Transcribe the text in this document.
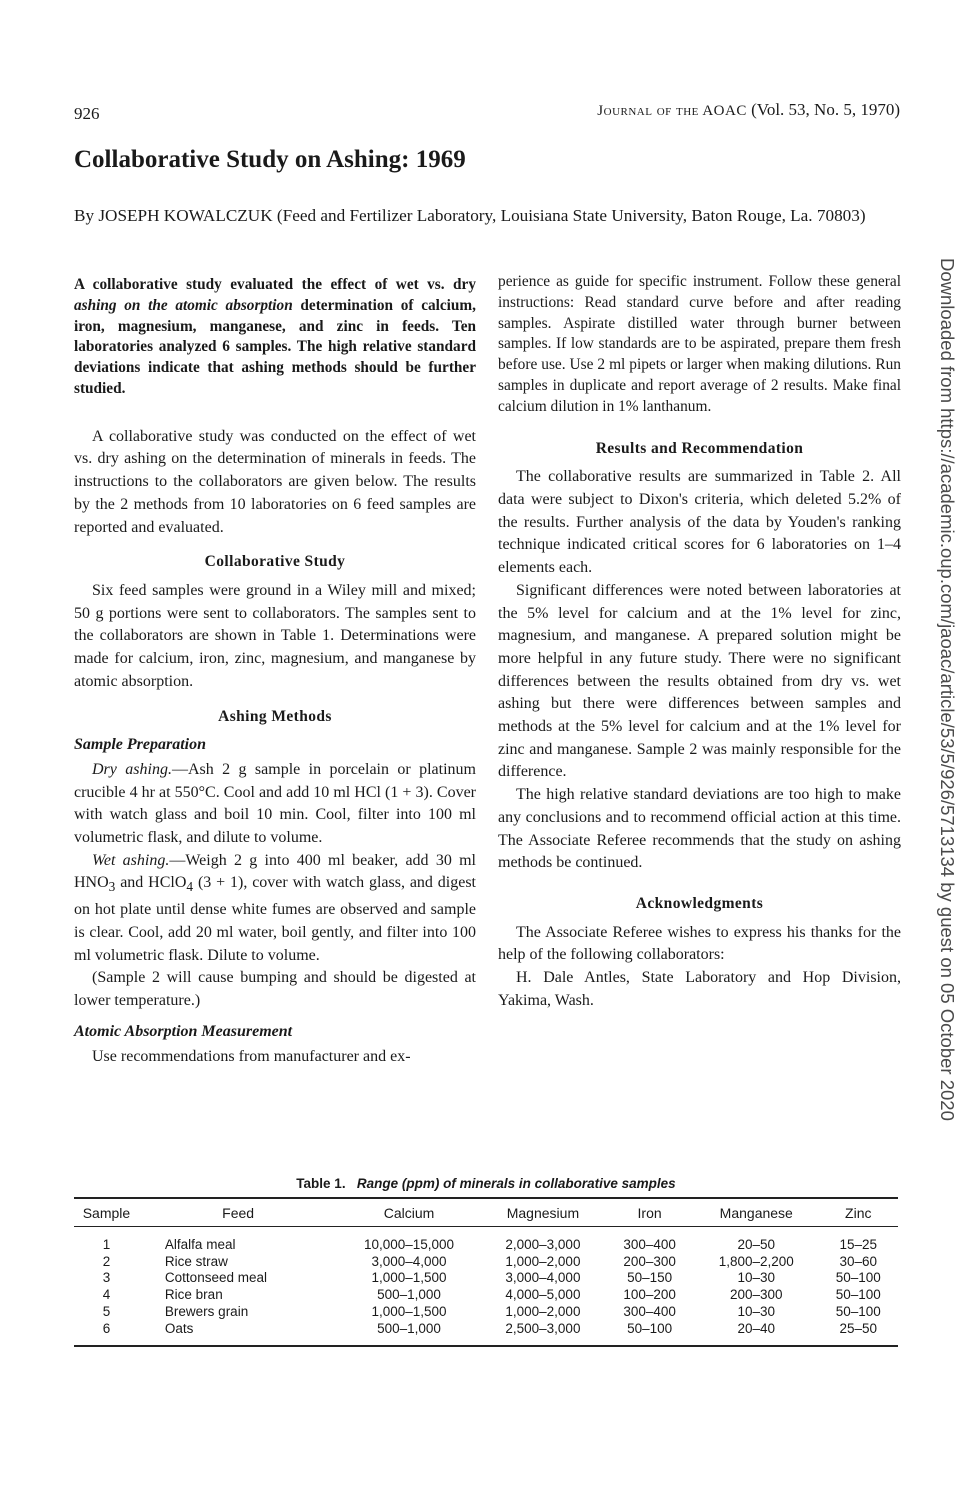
926	Journal of the AOAC (Vol. 53, No. 5, 1970)
Collaborative Study on Ashing: 1969
By JOSEPH KOWALCZUK (Feed and Fertilizer Laboratory, Louisiana State University, Baton Rouge, La. 70803)

A collaborative study evaluated the effect of wet vs. dry ashing on the atomic absorption determination of calcium, iron, magnesium, manganese, and zinc in feeds. Ten laboratories analyzed 6 samples. The high relative standard deviations indicate that ashing methods should be further studied.

A collaborative study was conducted on the effect of wet vs. dry ashing on the determination of minerals in feeds. The instructions to the collaborators are given below. The results by the 2 methods from 10 laboratories on 6 feed samples are reported and evaluated.

Collaborative Study

Six feed samples were ground in a Wiley mill and mixed; 50 g portions were sent to collaborators. The samples sent to the collaborators are shown in Table 1. Determinations were made for calcium, iron, zinc, magnesium, and manganese by atomic absorption.

Ashing Methods
Sample Preparation

Dry ashing.—Ash 2 g sample in porcelain or platinum crucible 4 hr at 550°C. Cool and add 10 ml HCl (1 + 3). Cover with watch glass and boil 10 min. Cool, filter into 100 ml volumetric flask, and dilute to volume.

Wet ashing.—Weigh 2 g into 400 ml beaker, add 30 ml $HNO_3$ and HClO$_4$ (3 + 1), cover with watch glass, and digest on hot plate until dense white fumes are observed and sample is clear. Cool, add 20 ml water, boil gently, and filter into 100 ml volumetric flask. Dilute to volume.

(Sample 2 will cause bumping and should be digested at lower temperature.)

Atomic Absorption Measurement

Use recommendations from manufacturer and ex-

perience as guide for specific instrument. Follow these general instructions: Read standard curve before and after reading samples. Aspirate distilled water through burner between samples. If low standards are to be aspirated, prepare them fresh before use. Use 2 ml pipets or larger when making dilutions. Run samples in duplicate and report average of 2 results. Make final calcium dilution in 1% lanthanum.

Results and Recommendation

The collaborative results are summarized in Table 2. All data were subject to Dixon's criteria, which deleted 5.2% of the results. Further analysis of the data by Youden's ranking technique indicated critical scores for 6 laboratories on 1–4 elements each.

Significant differences were noted between laboratories at the 5% level for calcium and at the 1% level for zinc, magnesium, and manganese. A prepared solution might be more helpful in any future study. There were no significant differences between the results obtained from dry vs. wet ashing but there were differences between samples and methods at the 5% level for calcium and at the 1% level for zinc and manganese. Sample 2 was mainly responsible for the difference.

The high relative standard deviations are too high to make any conclusions and to recommend official action at this time. The Associate Referee recommends that the study on ashing methods be continued.

Acknowledgments

The Associate Referee wishes to express his thanks for the help of the following collaborators:

H. Dale Antles, State Laboratory and Hop Division, Yakima, Wash.	Downloaded from https://academic.oup.com/jaoac/article/53/5/926/5713134 by guest on 05 October 2020
Table 1. Range (ppm) of minerals in collaborative samples
Sample	Feed	Calcium	Magnesium	Iron	Manganese	Zinc
1	Alfalfa meal	10,000–15,000	2,000–3,000	300–400	20–50	15–25
2	Rice straw	3,000–4,000	1,000–2,000	200–300	1,800–2,200	30–60
3	Cottonseed meal	1,000–1,500	3,000–4,000	50–150	10–30	50–100
4	Rice bran	500–1,000	4,000–5,000	100–200	200–300	50–100
5	Brewers grain	1,000–1,500	1,000–2,000	300–400	10–30	50–100
6	Oats	500–1,000	2,500–3,000	50–100	20–40	25–50
